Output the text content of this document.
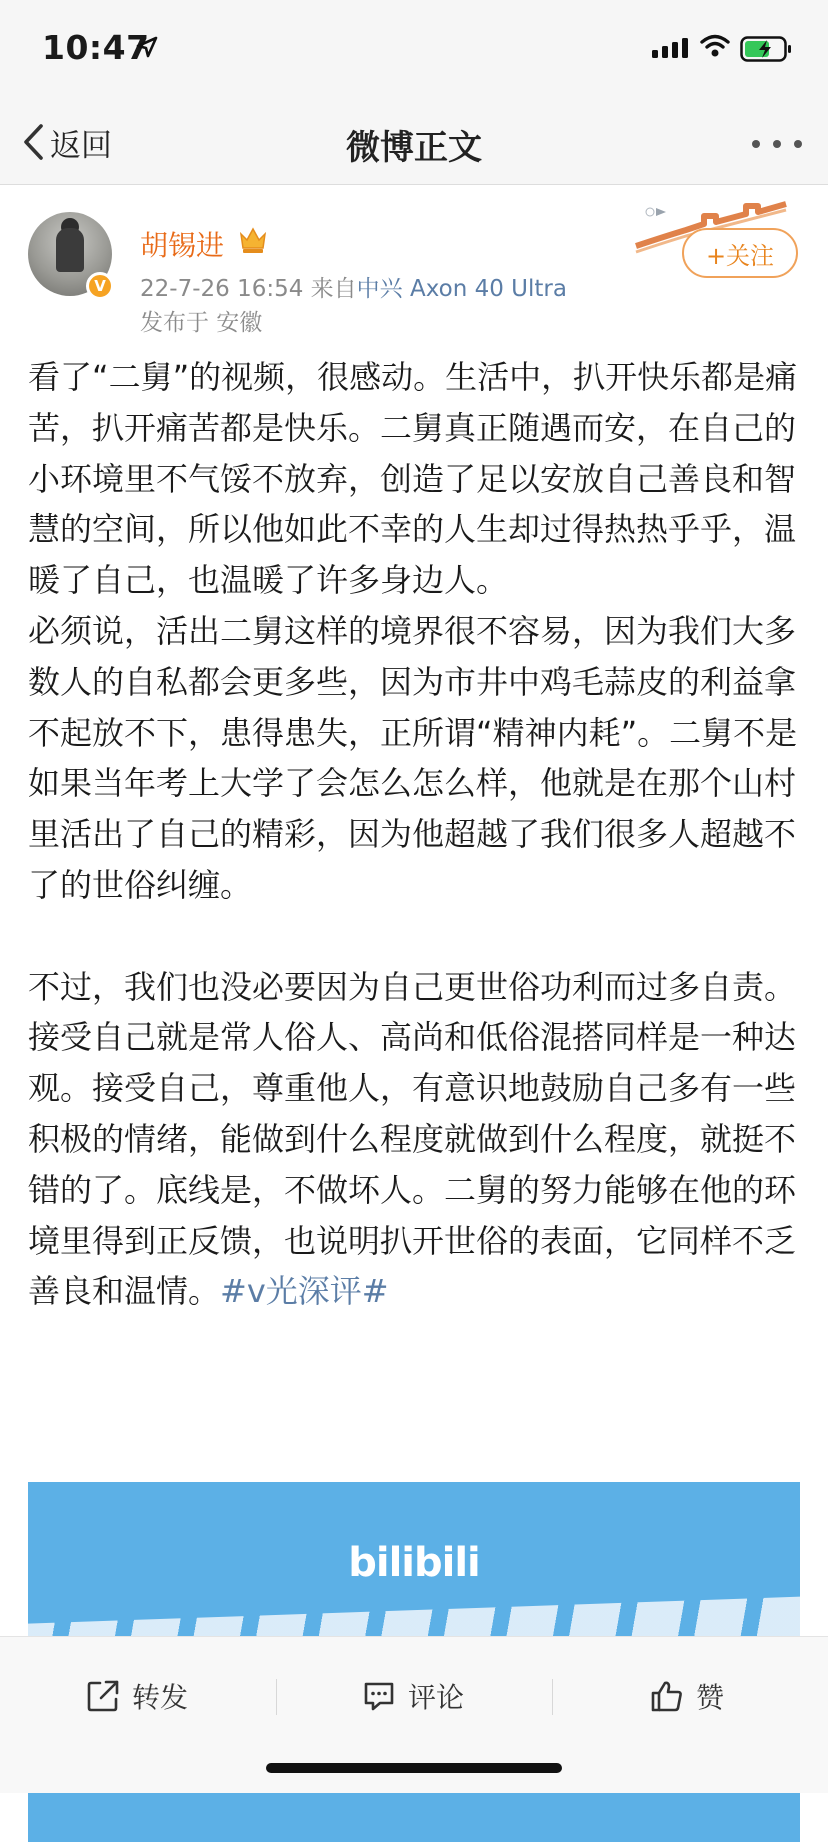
10:47
返回	微博正文
V
胡锡进
22-7-26 16:54 来自中兴 Axon 40 Ultra
发布于 安徽
+关注
看了“二舅”的视频，很感动。生活中，扒开快乐都是痛苦，扒开痛苦都是快乐。二舅真正随遇而安，在自己的小环境里不气馁不放弃，创造了足以安放自己善良和智慧的空间，所以他如此不幸的人生却过得热热乎乎，温暖了自己，也温暖了许多身边人。
必须说，活出二舅这样的境界很不容易，因为我们大多数人的自私都会更多些，因为市井中鸡毛蒜皮的利益拿不起放不下，患得患失，正所谓“精神内耗”。二舅不是如果当年考上大学了会怎么怎么样，他就是在那个山村里活出了自己的精彩，因为他超越了我们很多人超越不了的世俗纠缠。

不过，我们也没必要因为自己更世俗功利而过多自责。接受自己就是常人俗人、高尚和低俗混搭同样是一种达观。接受自己，尊重他人，有意识地鼓励自己多有一些积极的情绪，能做到什么程度就做到什么程度，就挺不错的了。底线是，不做坏人。二舅的努力能够在他的环境里得到正反馈，也说明扒开世俗的表面，它同样不乏善良和温情。#v光深评#
bilibili
转发	评论	赞
